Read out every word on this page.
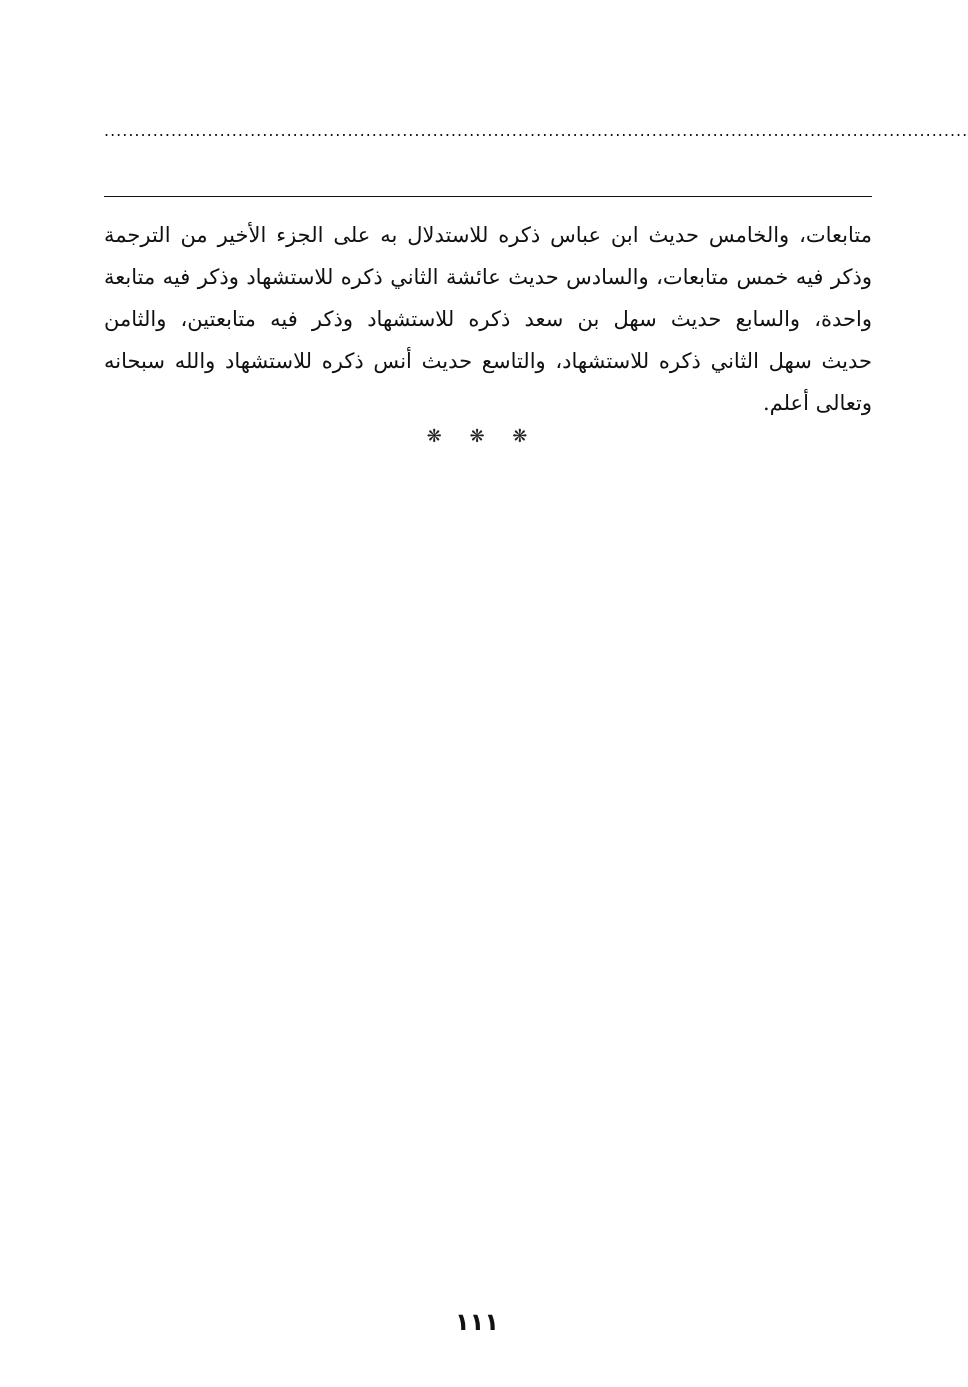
..............................................................................................................................................
متابعات، والخامس حديث ابن عباس ذكره للاستدلال به على الجزء الأخير من الترجمة
وذكر فيه خمس متابعات، والسادس حديث عائشة الثاني ذكره للاستشهاد وذكر فيه متابعة
واحدة، والسابع حديث سهل بن سعد ذكره للاستشهاد وذكر فيه متابعتين، والثامن
حديث سهل الثاني ذكره للاستشهاد، والتاسع حديث أنس ذكره للاستشهاد والله سبحانه
وتعالى أعلم.
❋ ❋ ❋
١١١
